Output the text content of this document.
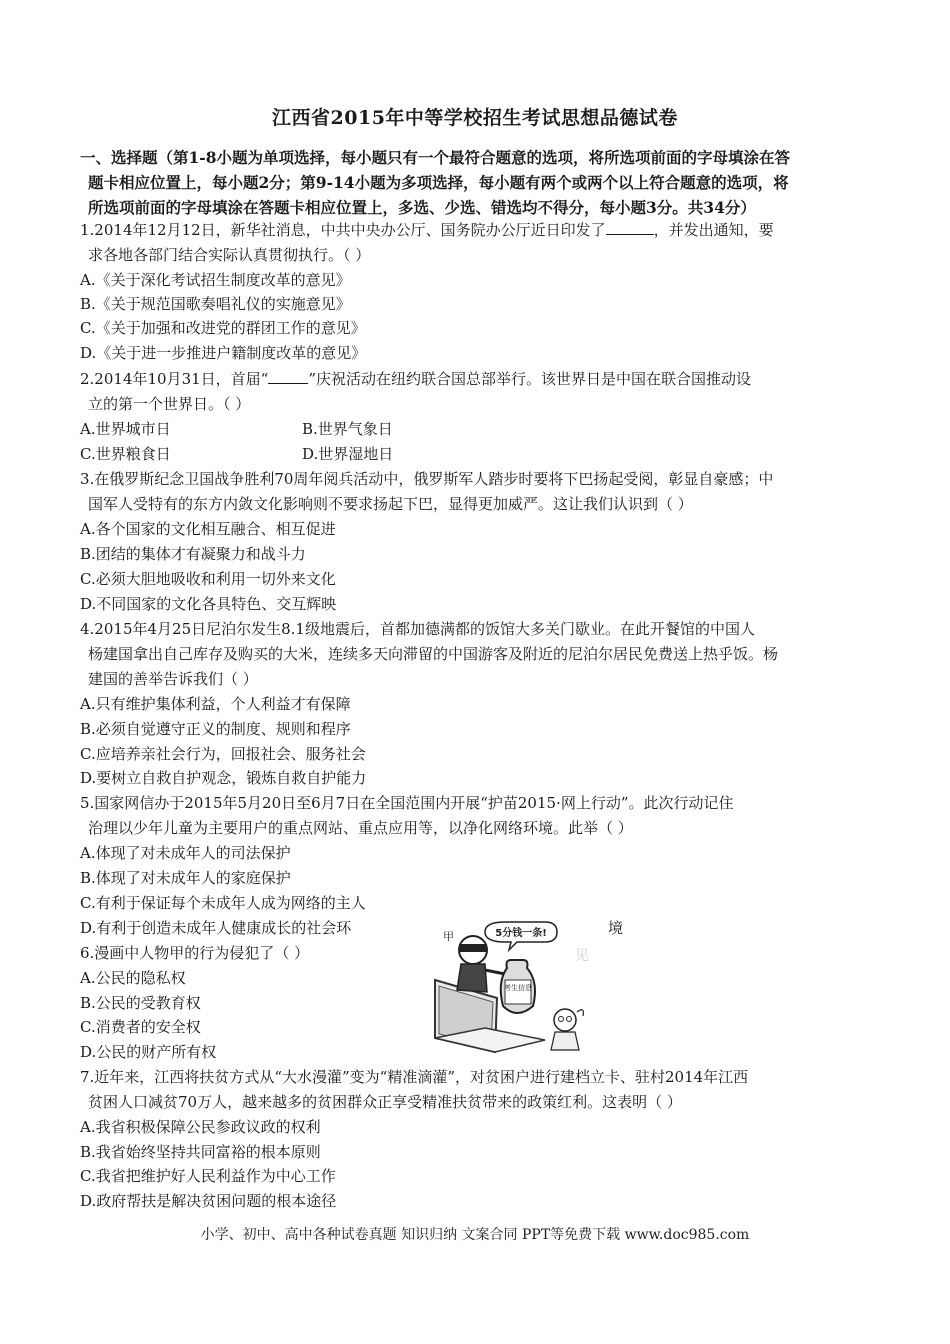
江西省2015年中等学校招生考试思想品德试卷
一、选择题（第1-8小题为单项选择，每小题只有一个最符合题意的选项，将所选项前面的字母填涂在答
题卡相应位置上，每小题2分；第9-14小题为多项选择，每小题有两个或两个以上符合题意的选项，将
所选项前面的字母填涂在答题卡相应位置上，多选、少选、错选均不得分，每小题3分。共34分）
1.2014年12月12日，新华社消息，中共中央办公厅、国务院办公厅近日印发了	，并发出通知，要
求各地各部门结合实际认真贯彻执行。（ ）
A.《关于深化考试招生制度改革的意见》
B.《关于规范国歌奏唱礼仪的实施意见》
C.《关于加强和改进党的群团工作的意见》
D.《关于进一步推进户籍制度改革的意见》
2.2014年10月31日，首届“	”庆祝活动在纽约联合国总部举行。该世界日是中国在联合国推动设
立的第一个世界日。（ ）
A.世界城市日	B.世界气象日
C.世界粮食日	D.世界湿地日
3.在俄罗斯纪念卫国战争胜利70周年阅兵活动中，俄罗斯军人踏步时要将下巴扬起受阅，彰显自豪感；中
国军人受特有的东方内敛文化影响则不要求扬起下巴，显得更加威严。这让我们认识到（ ）
A.各个国家的文化相互融合、相互促进
B.团结的集体才有凝聚力和战斗力
C.必须大胆地吸收和利用一切外来文化
D.不同国家的文化各具特色、交互辉映
4.2015年4月25日尼泊尔发生8.1级地震后，首都加德满都的饭馆大多关门歇业。在此开餐馆的中国人
杨建国拿出自己库存及购买的大米，连续多天向滞留的中国游客及附近的尼泊尔居民免费送上热乎饭。杨
建国的善举告诉我们（ ）
A.只有维护集体利益，个人利益才有保障
B.必须自觉遵守正义的制度、规则和程序
C.应培养亲社会行为，回报社会、服务社会
D.要树立自救自护观念，锻炼自救自护能力
5.国家网信办于2015年5月20日至6月7日在全国范围内开展“护苗2015·网上行动”。此次行动记住
治理以少年儿童为主要用户的重点网站、重点应用等，以净化网络环境。此举（ ）
A.体现了对未成年人的司法保护
B.体现了对未成年人的家庭保护
C.有利于保证每个未成年人成为网络的主人
D.有利于创造未成年人健康成长的社会环	境
6.漫画中人物甲的行为侵犯了（ ）
A.公民的隐私权
B.公民的受教育权
C.消费者的安全权
D.公民的财产所有权
考生信息
5分钱一条!
甲
见
7.近年来，江西将扶贫方式从“大水漫灌”变为“精准滴灌”，对贫困户进行建档立卡、驻村2014年江西
贫困人口减贫70万人，越来越多的贫困群众正享受精准扶贫带来的政策红利。这表明（ ）
A.我省积极保障公民参政议政的权利
B.我省始终坚持共同富裕的根本原则
C.我省把维护好人民利益作为中心工作
D.政府帮扶是解决贫困问题的根本途径
小学、初中、高中各种试卷真题 知识归纳 文案合同 PPT等免费下载 www.doc985.com
